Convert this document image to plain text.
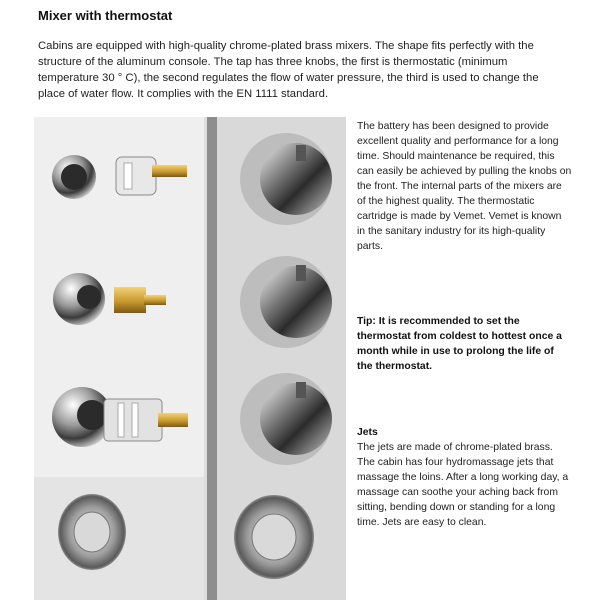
Mixer with thermostat
Cabins are equipped with high-quality chrome-plated brass mixers. The shape fits perfectly with the structure of the aluminum console. The tap has three knobs, the first is thermostatic (minimum temperature 30 ° C), the second regulates the flow of water pressure, the third is used to change the place of water flow. It complies with the EN 1111 standard.
The battery has been designed to provide excellent quality and performance for a long time. Should maintenance be required, this can easily be achieved by pulling the knobs on the front. The internal parts of the mixers are of the highest quality. The thermostatic cartridge is made by Vemet. Vemet is known in the sanitary industry for its high-quality parts.
Tip: It is recommended to set the thermostat from coldest to hottest once a month while in use to prolong the life of the thermostat.
Jets
The jets are made of chrome-plated brass. The cabin has four hydromassage jets that massage the loins. After a long working day, a massage can soothe your aching back from sitting, bending down or standing for a long time. Jets are easy to clean.
